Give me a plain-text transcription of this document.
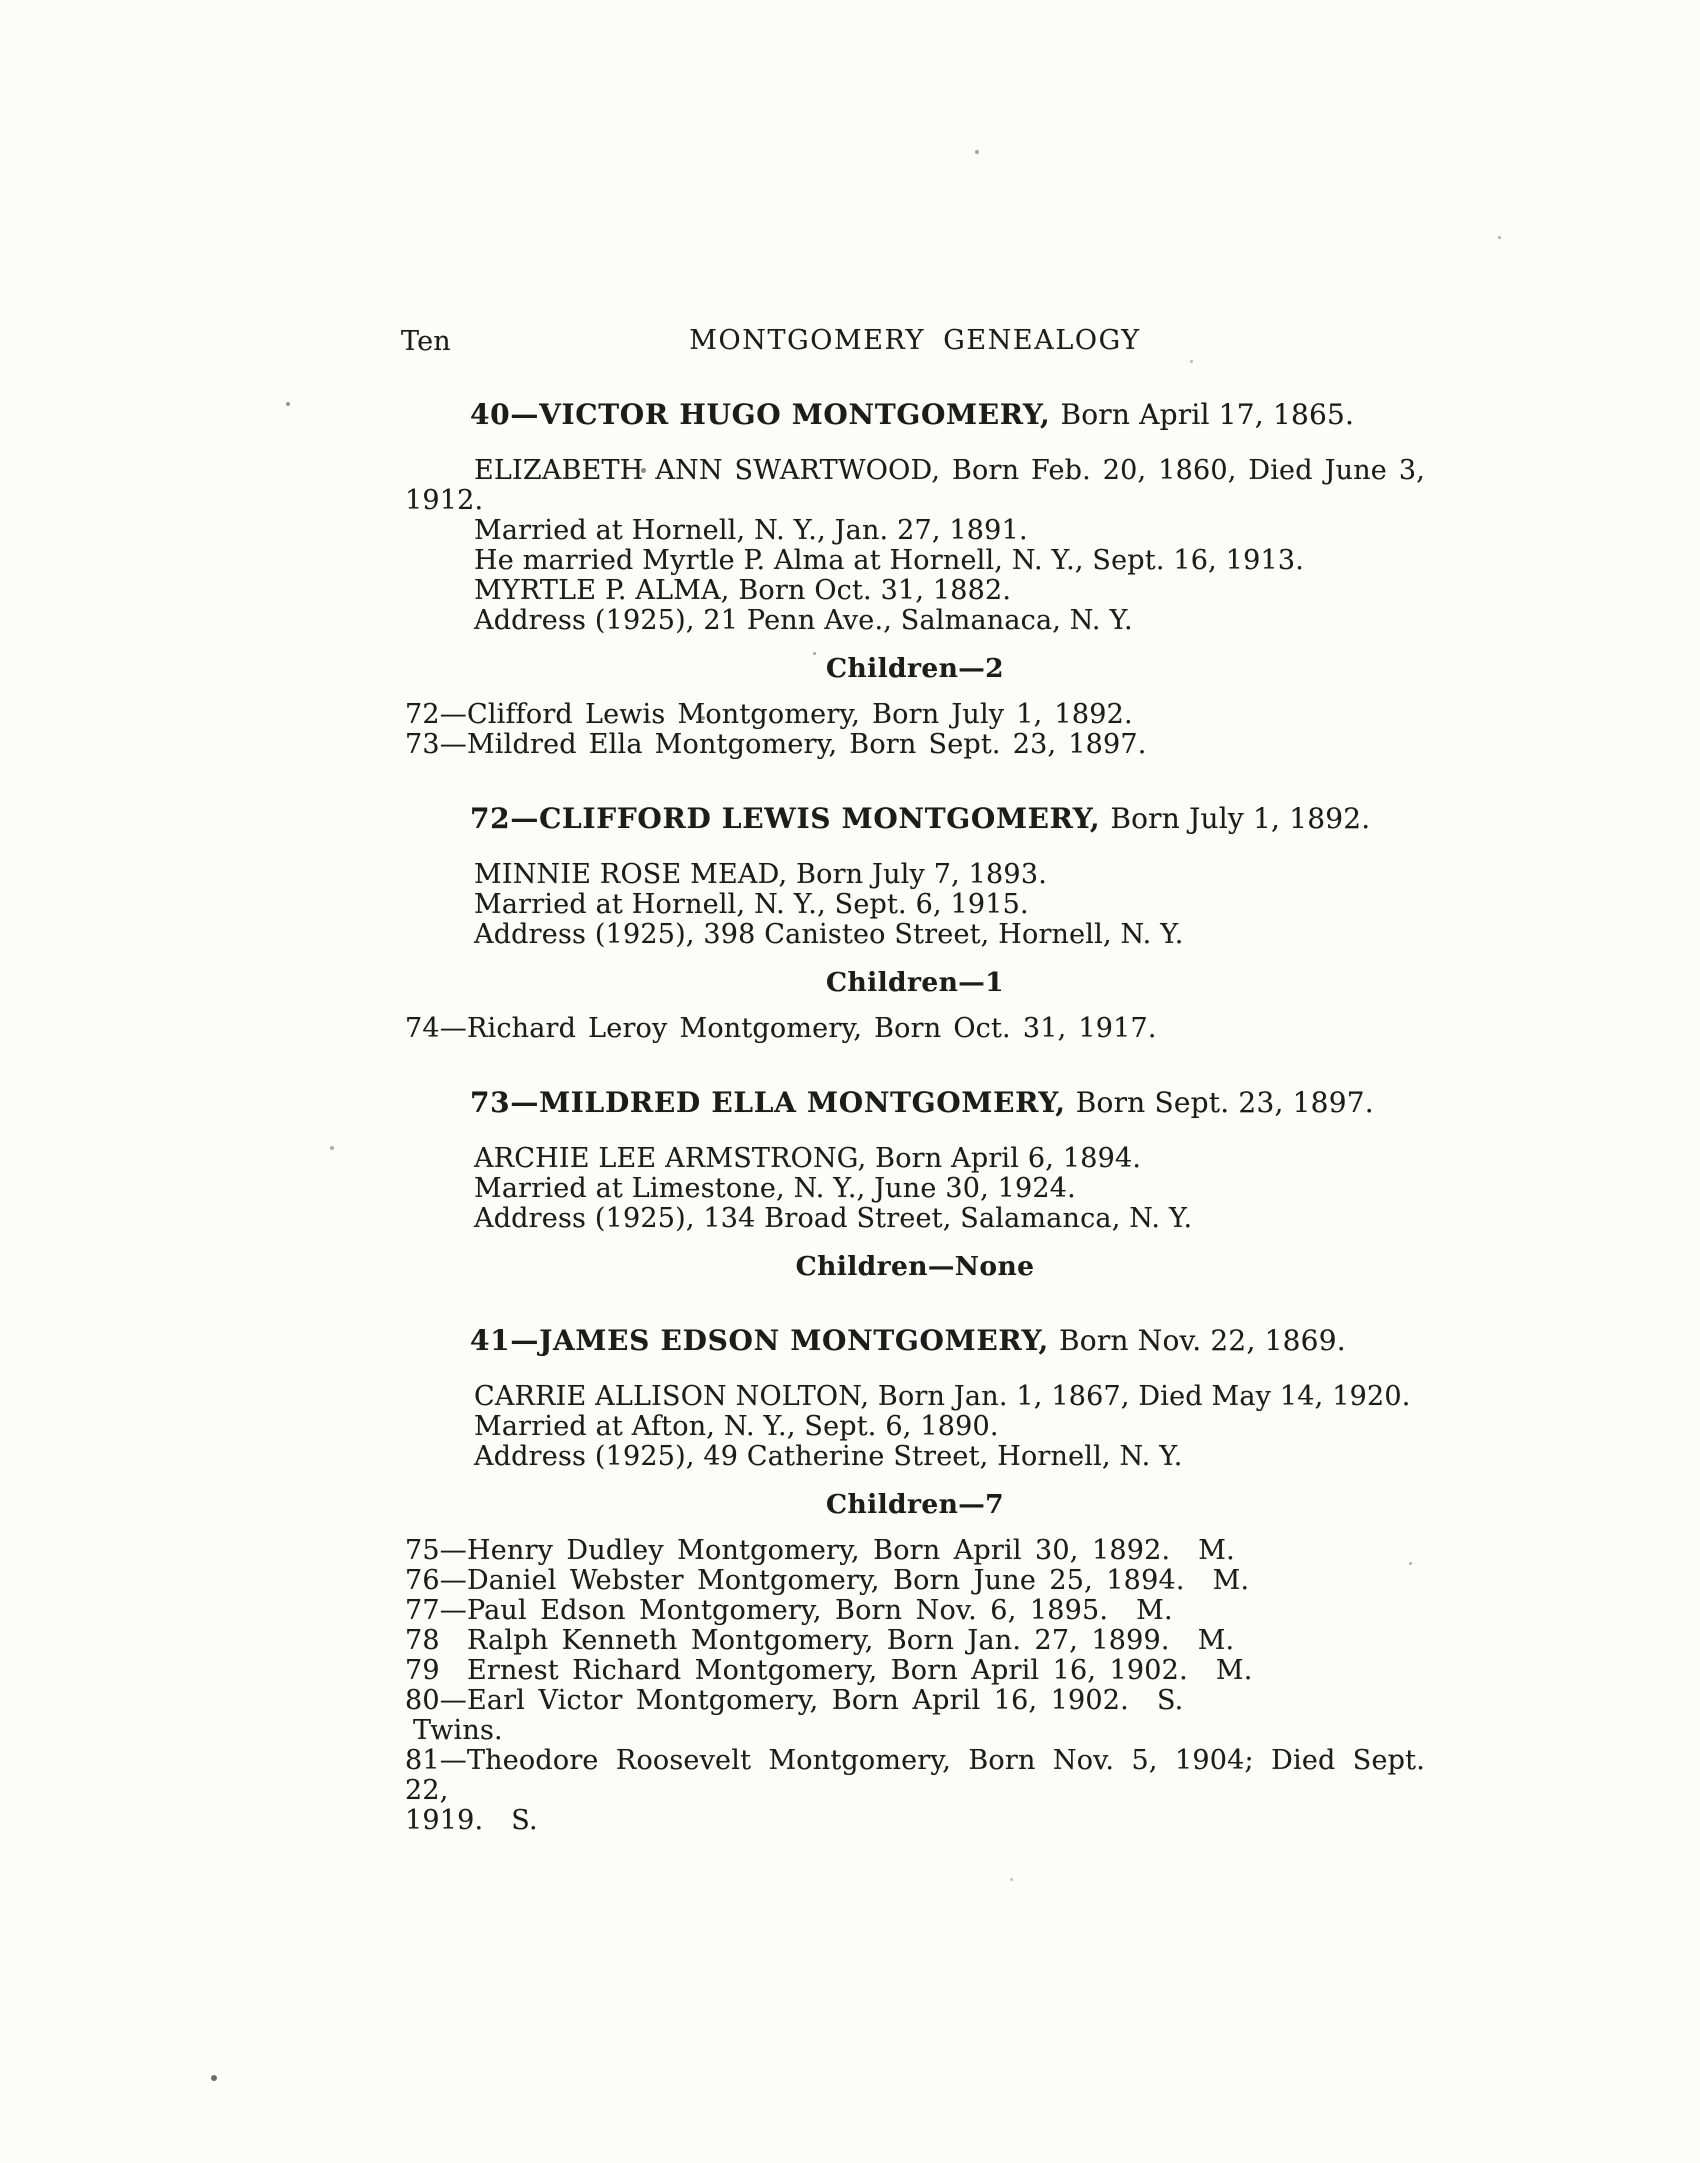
Ten	MONTGOMERY GENEALOGY
40—VICTOR HUGO MONTGOMERY, Born April 17, 1865.
ELIZABETH ANN SWARTWOOD, Born Feb. 20, 1860, Died June 3,
1912.
Married at Hornell, N. Y., Jan. 27, 1891.
He married Myrtle P. Alma at Hornell, N. Y., Sept. 16, 1913.
MYRTLE P. ALMA, Born Oct. 31, 1882.
Address (1925), 21 Penn Ave., Salmanaca, N. Y.
Children—2
72—Clifford Lewis Montgomery, Born July 1, 1892.
73—Mildred Ella Montgomery, Born Sept. 23, 1897.
72—CLIFFORD LEWIS MONTGOMERY, Born July 1, 1892.
MINNIE ROSE MEAD, Born July 7, 1893.
Married at Hornell, N. Y., Sept. 6, 1915.
Address (1925), 398 Canisteo Street, Hornell, N. Y.
Children—1
74—Richard Leroy Montgomery, Born Oct. 31, 1917.
73—MILDRED ELLA MONTGOMERY, Born Sept. 23, 1897.
ARCHIE LEE ARMSTRONG, Born April 6, 1894.
Married at Limestone, N. Y., June 30, 1924.
Address (1925), 134 Broad Street, Salamanca, N. Y.
Children—None
41—JAMES EDSON MONTGOMERY, Born Nov. 22, 1869.
CARRIE ALLISON NOLTON, Born Jan. 1, 1867, Died May 14, 1920.
Married at Afton, N. Y., Sept. 6, 1890.
Address (1925), 49 Catherine Street, Hornell, N. Y.
Children—7
75—Henry Dudley Montgomery, Born April 30, 1892. M.
76—Daniel Webster Montgomery, Born June 25, 1894. M.
77—Paul Edson Montgomery, Born Nov. 6, 1895. M.
78 Ralph Kenneth Montgomery, Born Jan. 27, 1899. M.
79 Ernest Richard Montgomery, Born April 16, 1902. M.
80—Earl Victor Montgomery, Born April 16, 1902. S.
Twins.
81—Theodore Roosevelt Montgomery, Born Nov. 5, 1904; Died Sept. 22,
1919. S.
